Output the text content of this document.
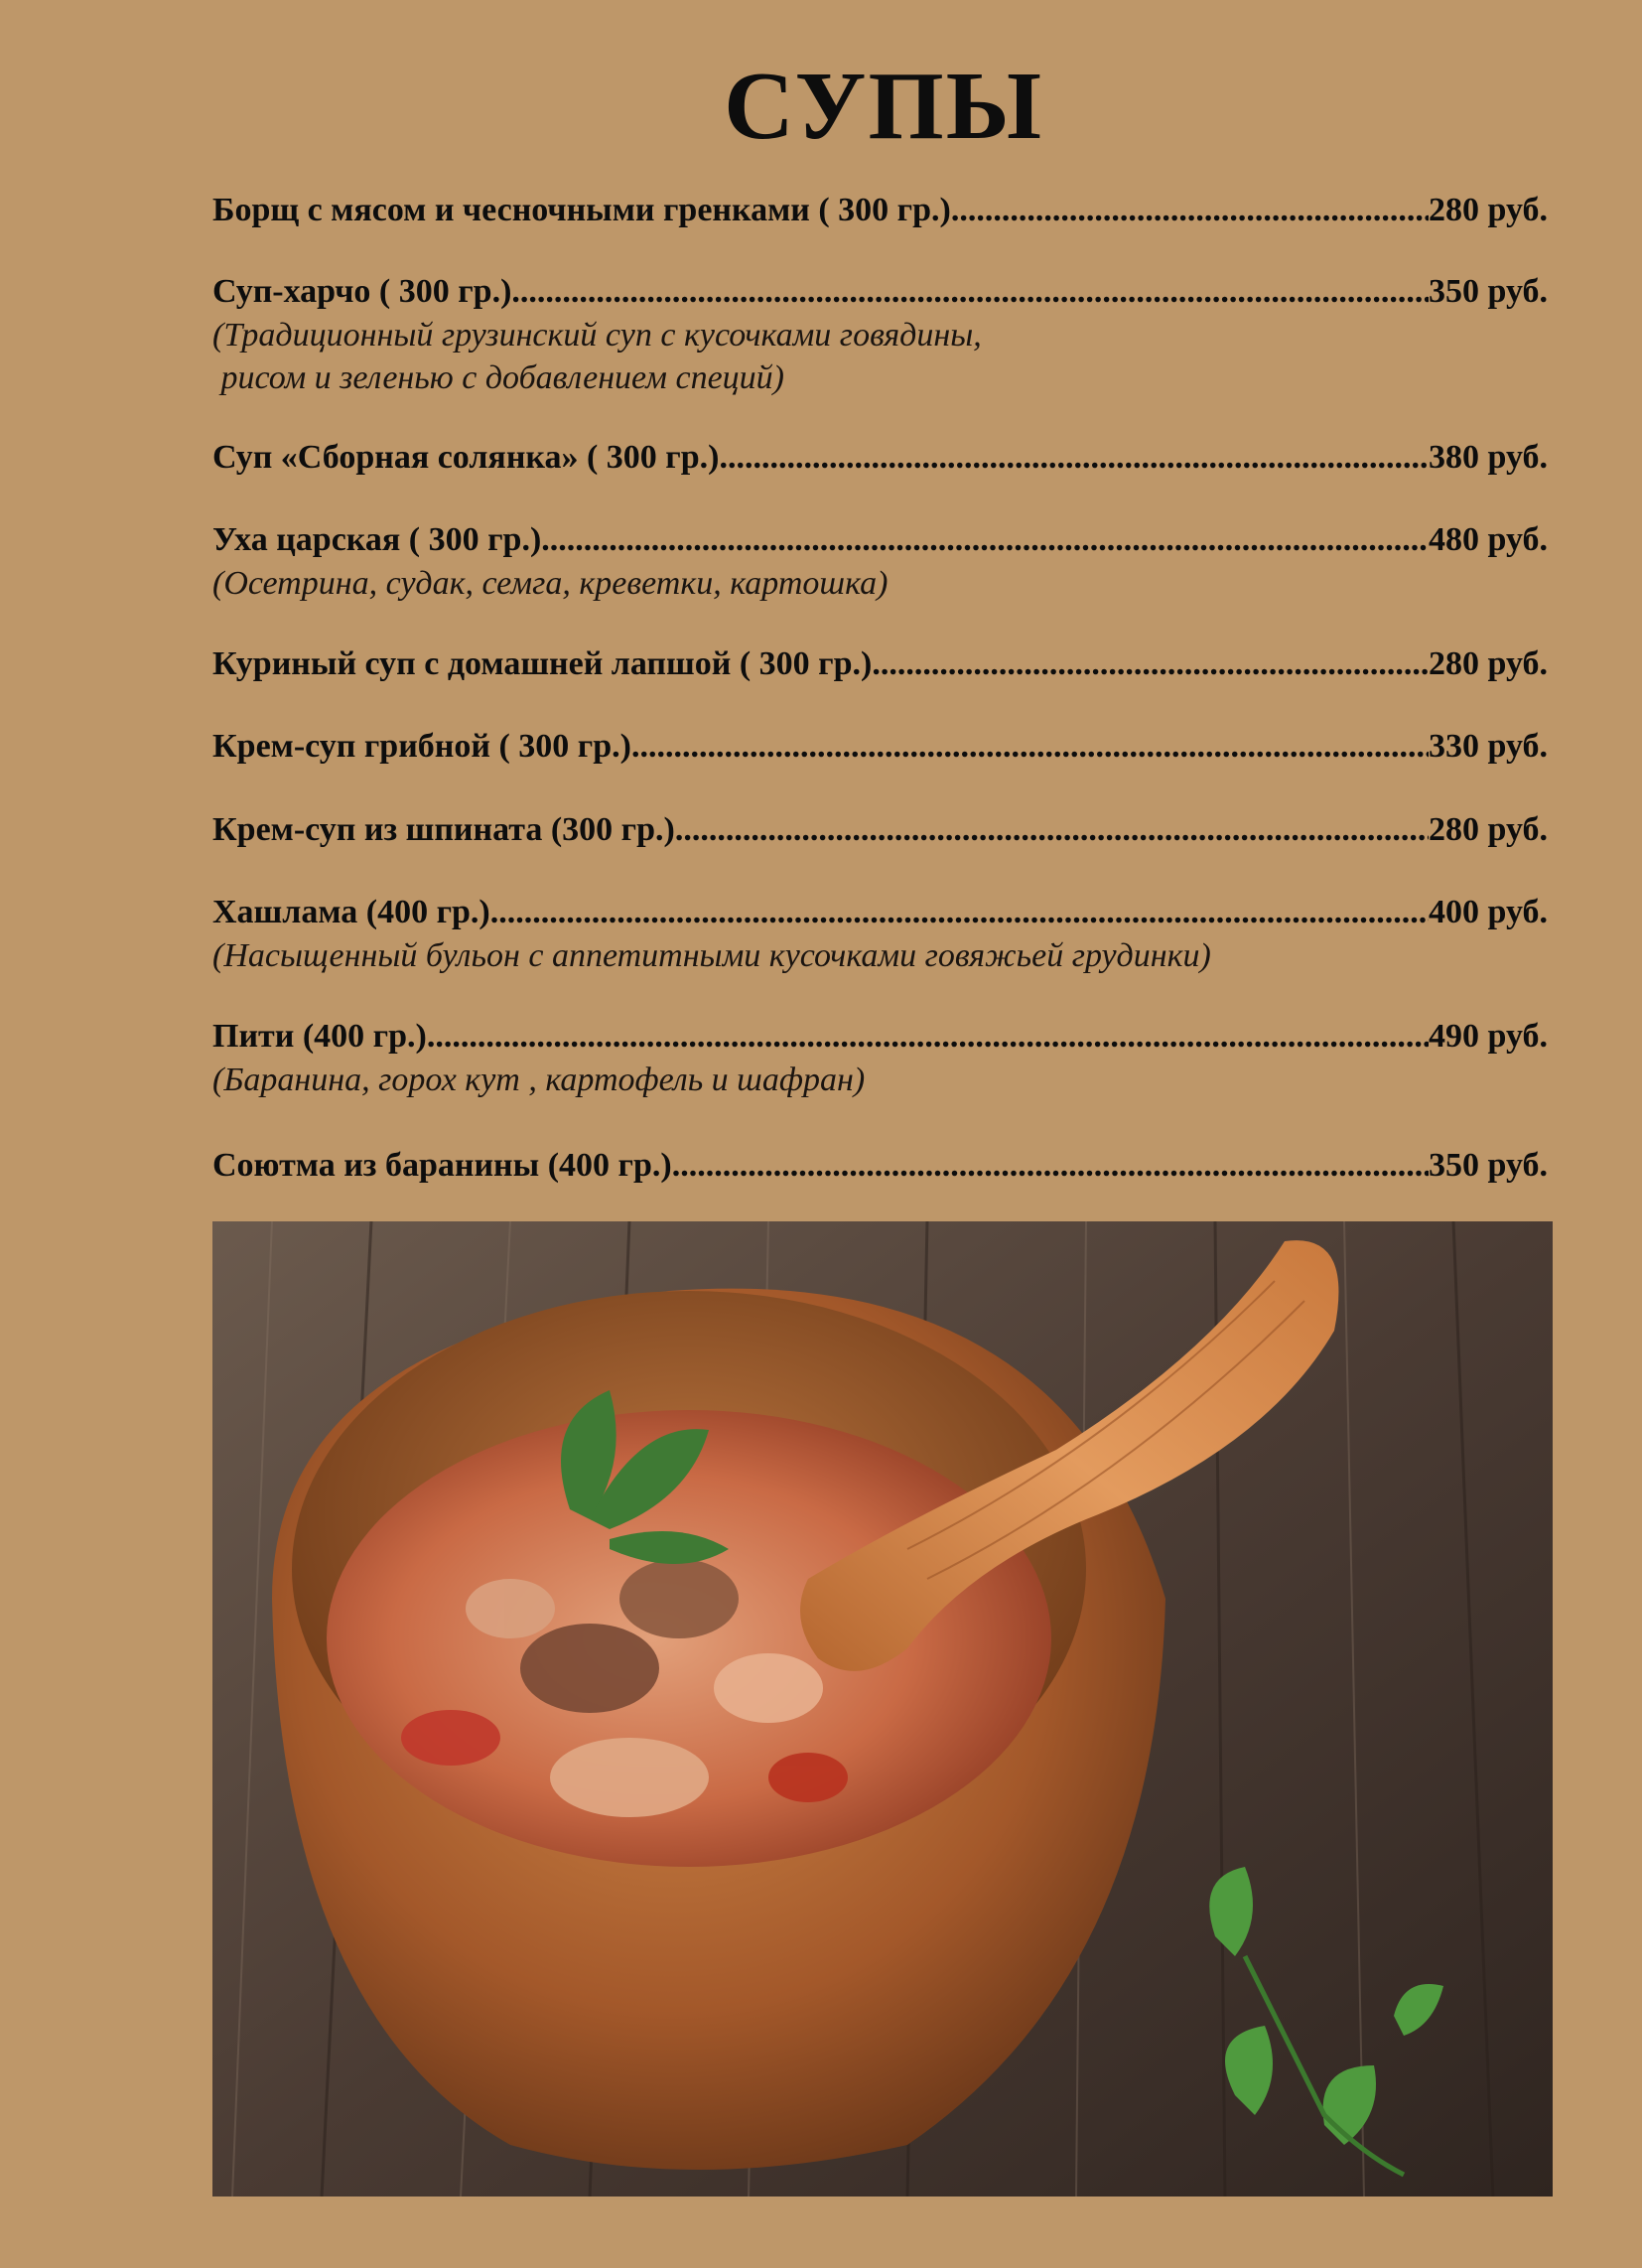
СУПЫ
Борщ с мясом и чесночными гренками ( 300 гр.) .....	280 руб.
Суп-харчо ( 300 гр.) .....	350 руб.
(Традиционный грузинский суп с кусочками говядины,
рисом и зеленью с добавлением специй)
Суп «Сборная солянка» ( 300 гр.) .....	380 руб.
Уха царская ( 300 гр.) .....	480 руб.
(Осетрина, судак, семга, креветки, картошка)
Куриный суп с домашней лапшой ( 300 гр.) .....	280 руб.
Крем-суп грибной ( 300 гр.) .....	330 руб.
Крем-суп из шпината (300 гр.) .....	280 руб.
Хашлама (400 гр.) .....	400 руб.
(Насыщенный бульон с аппетитными кусочками говяжьей грудинки)
Пити (400 гр.) .....	490 руб.
(Баранина, горох кут , картофель и шафран)
Соютма из баранины (400 гр.) .....	350 руб.
